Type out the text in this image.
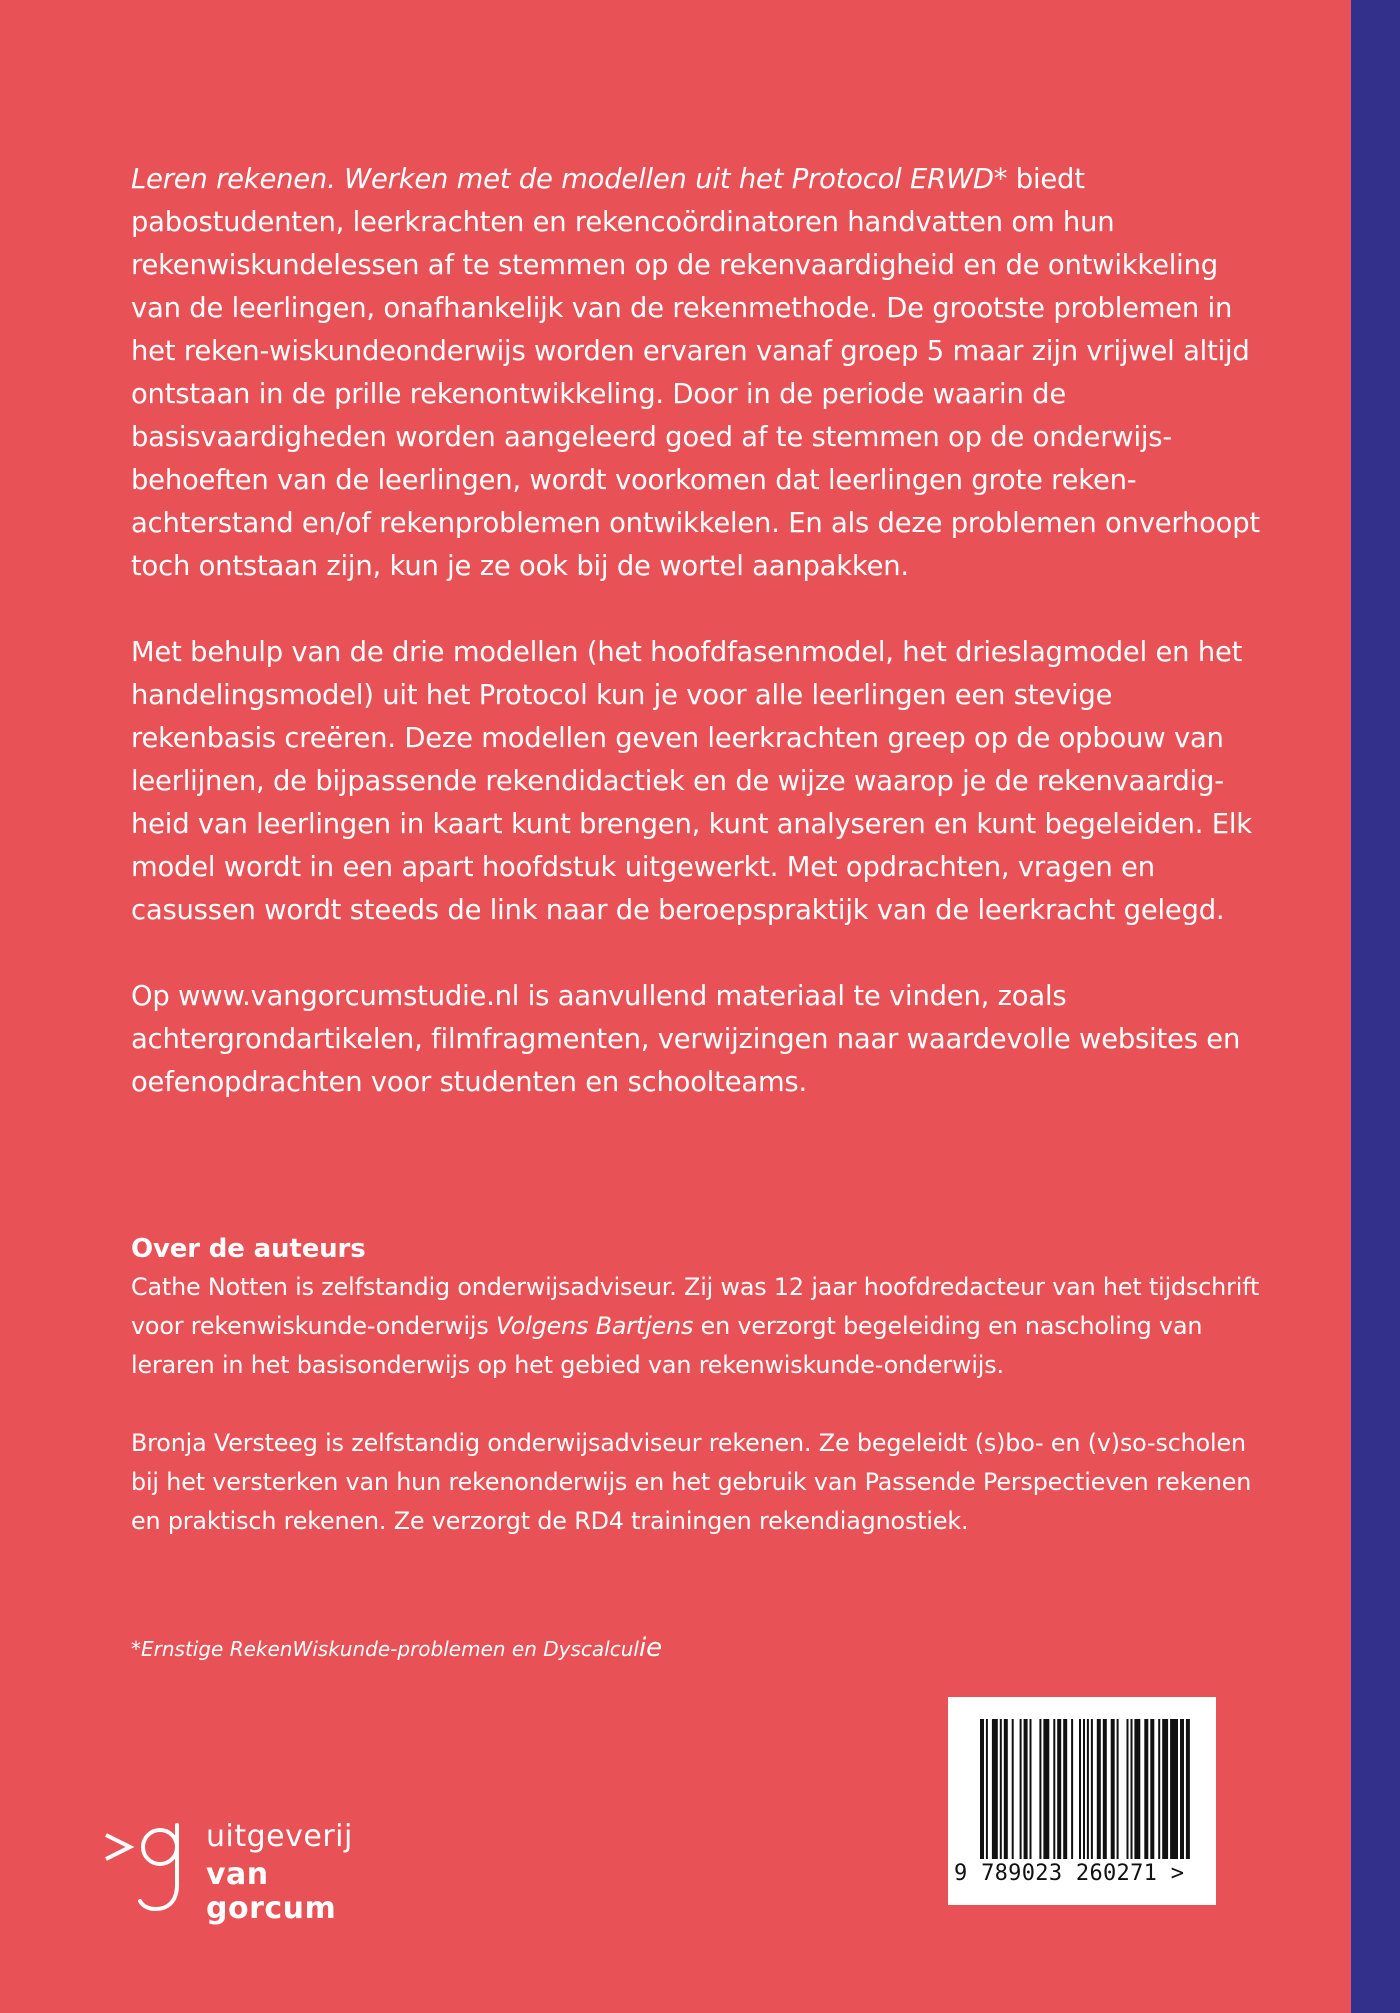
Leren rekenen. Werken met de modellen uit het Protocol ERWD* biedt pabostudenten, leerkrachten en rekencoördinatoren handvatten om hun rekenwiskundelessen af te stemmen op de rekenvaardigheid en de ontwikkeling van de leerlingen, onafhankelijk van de rekenmethode. De grootste problemen in het reken-wiskundeonderwijs worden ervaren vanaf groep 5 maar zijn vrijwel altijd ontstaan in de prille rekenontwikkeling. Door in de periode waarin de basisvaardigheden worden aangeleerd goed af te stemmen op de onderwijsbehoeften van de leerlingen, wordt voorkomen dat leerlingen grote rekenachterstand en/of rekenproblemen ontwikkelen. En als deze problemen onverhoopt toch ontstaan zijn, kun je ze ook bij de wortel aanpakken.

Met behulp van de drie modellen (het hoofdfasenmodel, het drieslagmodel en het handelingsmodel) uit het Protocol kun je voor alle leerlingen een stevige rekenbasis creëren. Deze modellen geven leerkrachten greep op de opbouw van leerlijnen, de bijpassende rekendidactiek en de wijze waarop je de rekenvaardigheid van leerlingen in kaart kunt brengen, kunt analyseren en kunt begeleiden. Elk model wordt in een apart hoofdstuk uitgewerkt. Met opdrachten, vragen en casussen wordt steeds de link naar de beroepspraktijk van de leerkracht gelegd.

Op www.vangorcumstudie.nl is aanvullend materiaal te vinden, zoals achtergrondartikelen, filmfragmenten, verwijzingen naar waardevolle websites en oefenopdrachten voor studenten en schoolteams.

Over de auteurs

Cathe Notten is zelfstandig onderwijsadviseur. Zij was 12 jaar hoofdredacteur van het tijdschrift voor rekenwiskunde-onderwijs Volgens Bartjens en verzorgt begeleiding en nascholing van leraren in het basisonderwijs op het gebied van rekenwiskunde-onderwijs.

Bronja Versteeg is zelfstandig onderwijsadviseur rekenen. Ze begeleidt (s)bo- en (v)so-scholen bij het versterken van hun rekenonderwijs en het gebruik van Passende Perspectieven rekenen en praktisch rekenen. Ze verzorgt de RD4 trainingen rekendiagnostiek.

*Ernstige RekenWiskunde-problemen en Dyscalculie
uitgeverij
van gorcum
9 789023 260271 >
